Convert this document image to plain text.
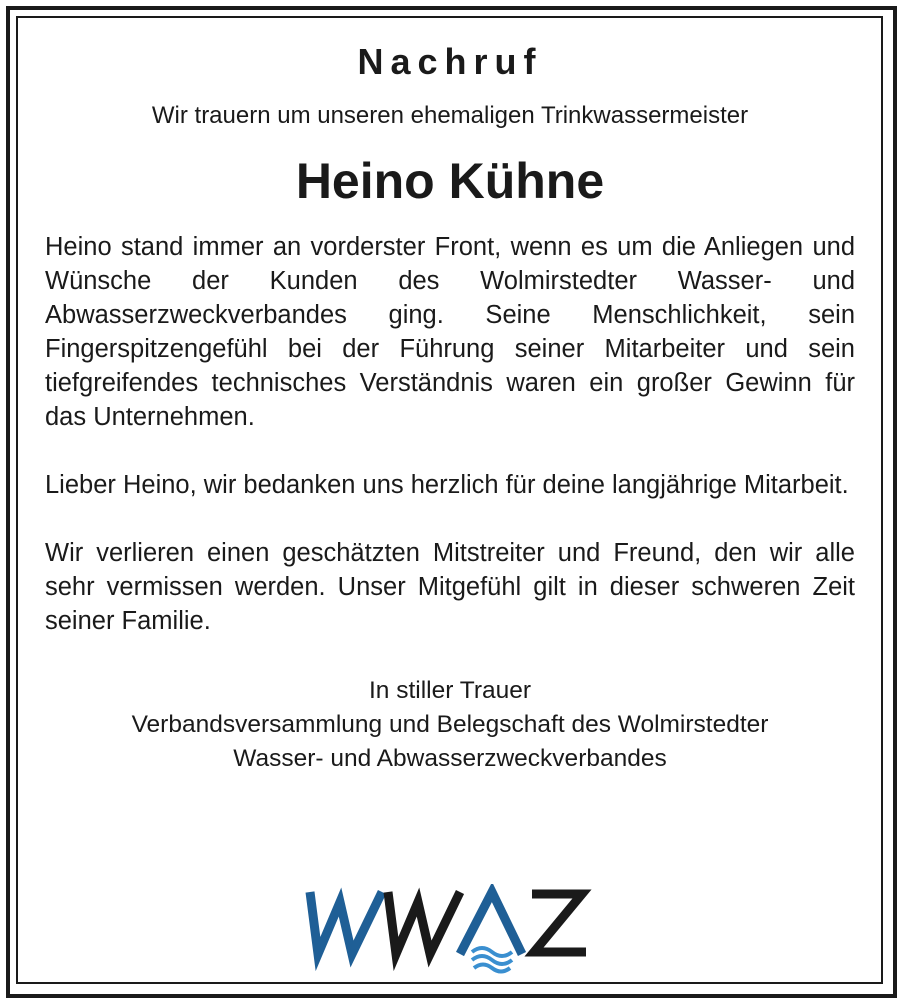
Nachruf

Wir trauern um unseren ehemaligen Trinkwassermeister

Heino Kühne

Heino stand immer an vorderster Front, wenn es um die Anliegen und Wünsche der Kunden des Wolmirstedter Wasser- und Abwasserzweckverbandes ging. Seine Menschlichkeit, sein Fingerspitzengefühl bei der Führung seiner Mitarbeiter und sein tiefgreifendes technisches Verständnis waren ein großer Gewinn für das Unternehmen.

Lieber Heino, wir bedanken uns herzlich für deine langjährige Mitarbeit.

Wir verlieren einen geschätzten Mitstreiter und Freund, den wir alle sehr vermissen werden. Unser Mitgefühl gilt in dieser schweren Zeit seiner Familie.

In stiller Trauer
Verbandsversammlung und Belegschaft des Wolmirstedter
Wasser- und Abwasserzweckverbandes
